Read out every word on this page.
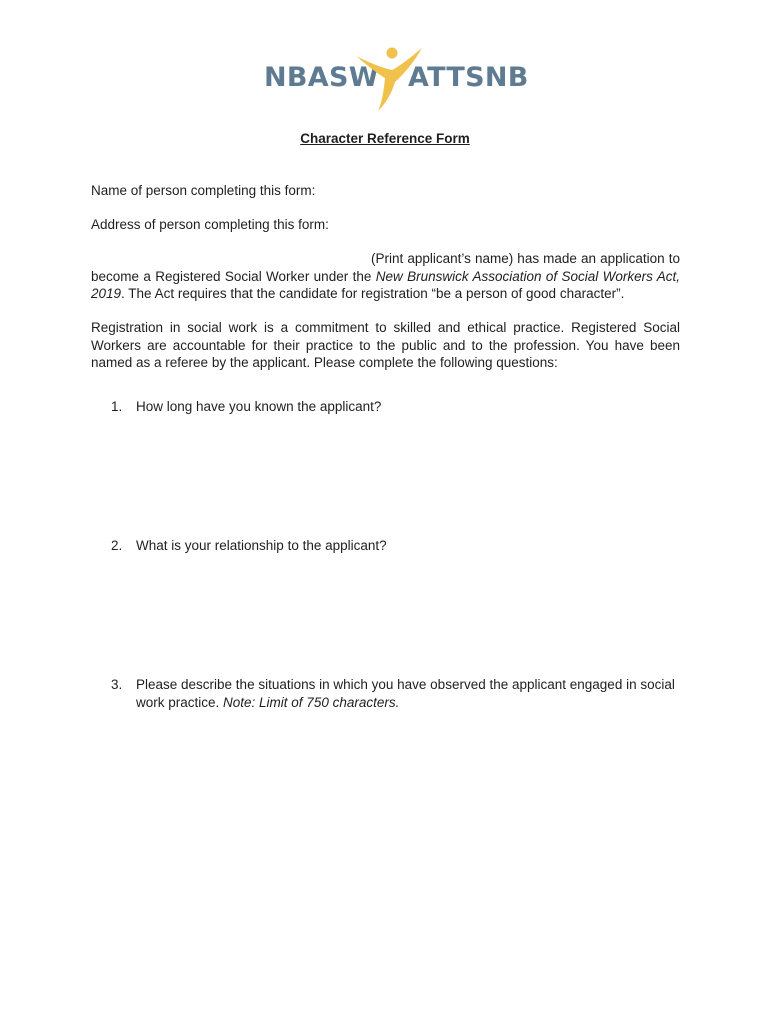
NBASW ATTSNB
Character Reference Form
Name of person completing this form:
Address of person completing this form:
(Print applicant’s name) has made an application to become a Registered Social Worker under the New Brunswick Association of Social Workers Act, 2019. The Act requires that the candidate for registration “be a person of good character”.
Registration in social work is a commitment to skilled and ethical practice. Registered Social Workers are accountable for their practice to the public and to the profession. You have been named as a referee by the applicant. Please complete the following questions:
1.	How long have you known the applicant?
2.	What is your relationship to the applicant?
3.	Please describe the situations in which you have observed the applicant engaged in social work practice. Note: Limit of 750 characters.
